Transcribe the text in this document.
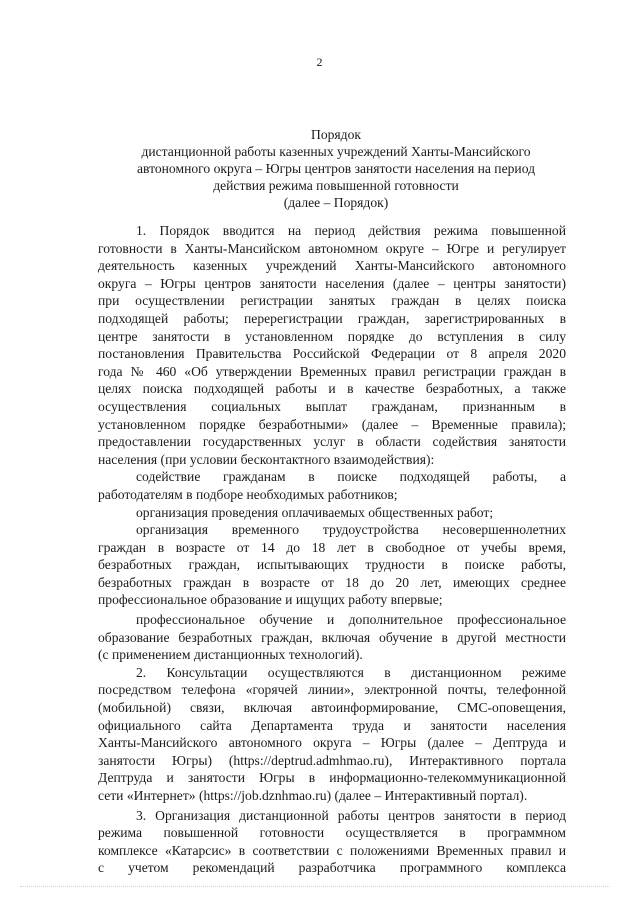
2
Порядок
дистанционной работы казенных учреждений Ханты-Мансийского
автономного округа – Югры центров занятости населения на период
действия режима повышенной готовности
(далее – Порядок)
1. Порядок вводится на период действия режима повышенной
готовности в Ханты-Мансийском автономном округе – Югре и регулирует
деятельность казенных учреждений Ханты-Мансийского автономного
округа – Югры центров занятости населения (далее – центры занятости)
при осуществлении регистрации занятых граждан в целях поиска
подходящей работы; перерегистрации граждан, зарегистрированных в
центре занятости в установленном порядке до вступления в силу
постановления Правительства Российской Федерации от 8 апреля 2020
года № 460 «Об утверждении Временных правил регистрации граждан в
целях поиска подходящей работы и в качестве безработных, а также
осуществления социальных выплат гражданам, признанным в
установленном порядке безработными» (далее – Временные правила);
предоставлении государственных услуг в области содействия занятости
населения (при условии бесконтактного взаимодействия):
содействие гражданам в поиске подходящей работы, а
работодателям в подборе необходимых работников;
организация проведения оплачиваемых общественных работ;
организация временного трудоустройства несовершеннолетних
граждан в возрасте от 14 до 18 лет в свободное от учебы время,
безработных граждан, испытывающих трудности в поиске работы,
безработных граждан в возрасте от 18 до 20 лет, имеющих среднее
профессиональное образование и ищущих работу впервые;
профессиональное обучение и дополнительное профессиональное
образование безработных граждан, включая обучение в другой местности
(с применением дистанционных технологий).
2. Консультации осуществляются в дистанционном режиме
посредством телефона «горячей линии», электронной почты, телефонной
(мобильной) связи, включая автоинформирование, СМС-оповещения,
официального сайта Департамента труда и занятости населения
Ханты-Мансийского автономного округа – Югры (далее – Дептруда и
занятости Югры) (https://deptrud.admhmao.ru), Интерактивного портала
Дептруда и занятости Югры в информационно-телекоммуникационной
сети «Интернет» (https://job.dznhmao.ru) (далее – Интерактивный портал).
3. Организация дистанционной работы центров занятости в период
режима повышенной готовности осуществляется в программном
комплексе «Катарсис» в соответствии с положениями Временных правил и
с учетом рекомендаций разработчика программного комплекса
